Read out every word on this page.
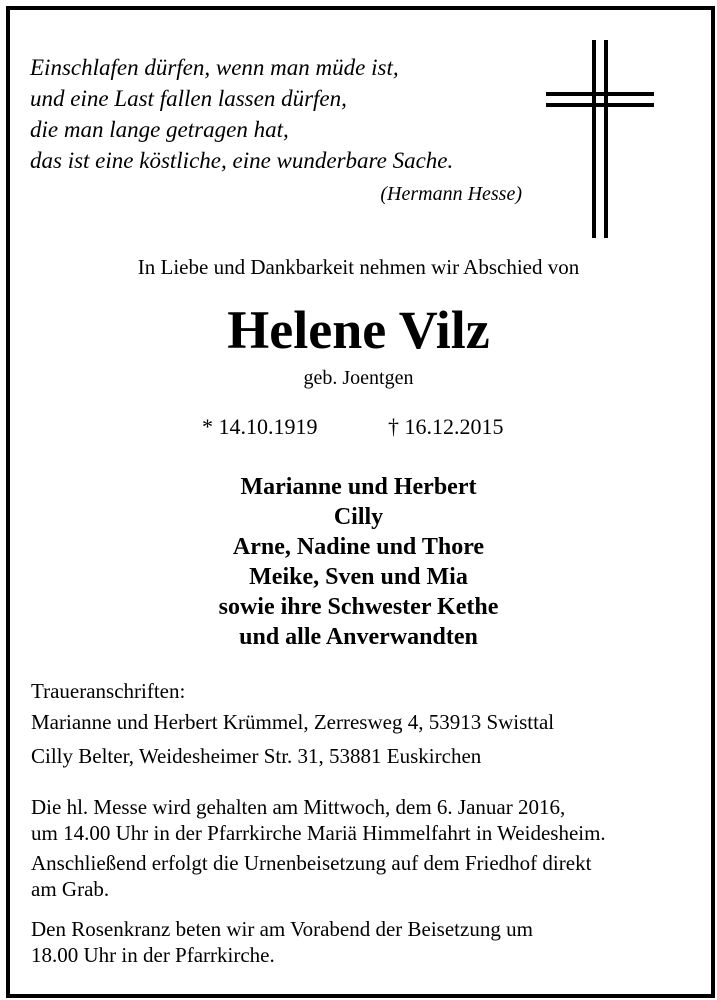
Einschlafen dürfen, wenn man müde ist,
und eine Last fallen lassen dürfen,
die man lange getragen hat,
das ist eine köstliche, eine wunderbare Sache.
(Hermann Hesse)
In Liebe und Dankbarkeit nehmen wir Abschied von
Helene Vilz
geb. Joentgen
* 14.10.1919	† 16.12.2015
Marianne und Herbert
Cilly
Arne, Nadine und Thore
Meike, Sven und Mia
sowie ihre Schwester Kethe
und alle Anverwandten
Traueranschriften:
Marianne und Herbert Krümmel, Zerresweg 4, 53913 Swisttal
Cilly Belter, Weidesheimer Str. 31, 53881 Euskirchen
Die hl. Messe wird gehalten am Mittwoch, dem 6. Januar 2016,
um 14.00 Uhr in der Pfarrkirche Mariä Himmelfahrt in Weidesheim.
Anschließend erfolgt die Urnenbeisetzung auf dem Friedhof direkt
am Grab.
Den Rosenkranz beten wir am Vorabend der Beisetzung um
18.00 Uhr in der Pfarrkirche.
